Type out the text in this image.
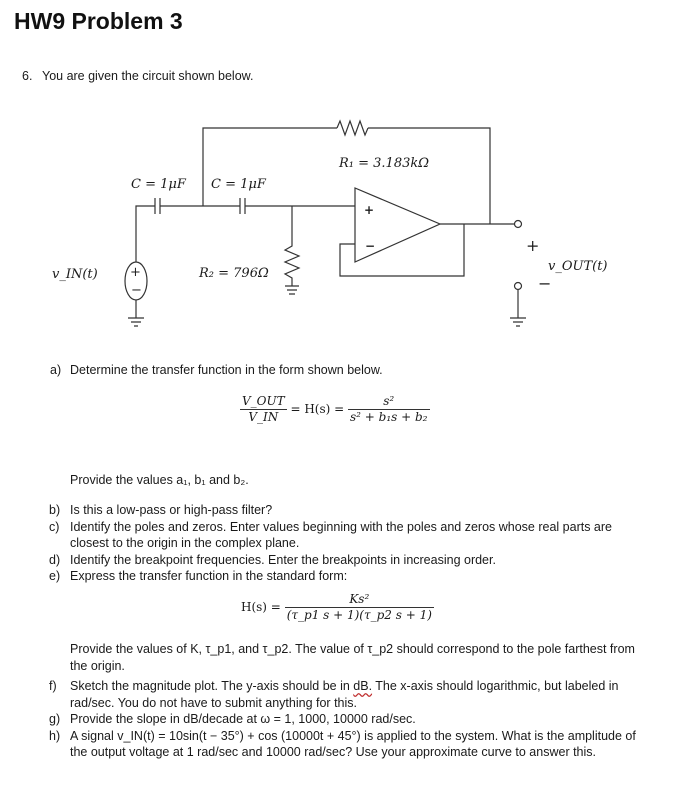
HW9 Problem 3
6. You are given the circuit shown below.
R₁ = 3.183kΩ
C = 1μF C = 1μF
R₂ = 796Ω
v_IN(t)
v_OUT(t)
+
−
+
−	+
−
a) Determine the transfer function in the form shown below.
$\frac{\text{V\_OUT}}{V\_IN} = H(s) = \frac{\text{s²}}{\text{s² + b₁s + b₂}}$
Provide the values a₁, b₁ and b₂.
b) Is this a low-pass or high-pass filter?
c) Identify the poles and zeros. Enter values beginning with the poles and zeros whose real parts are closest to the origin in the complex plane.
d) Identify the breakpoint frequencies. Enter the breakpoints in increasing order.
e) Express the transfer function in the standard form:
$H(s) = \frac{\text{Ks²}}{(\tau\_p1 s + 1)(\tau\_p2 s + 1)}$
Provide the values of K, τ_p1, and τ_p2. The value of τ_p2 should correspond to the pole farthest from the origin.
f) Sketch the magnitude plot. The y-axis should be in dB. The x-axis should logarithmic, but labeled in rad/sec. You do not have to submit anything for this.
g) Provide the slope in dB/decade at ω = 1, 1000, 10000 rad/sec.
h) A signal v_IN(t) = 10sin(t − 35°) + cos (10000t + 45°) is applied to the system. What is the amplitude of the output voltage at 1 rad/sec and 10000 rad/sec? Use your approximate curve to answer this.
